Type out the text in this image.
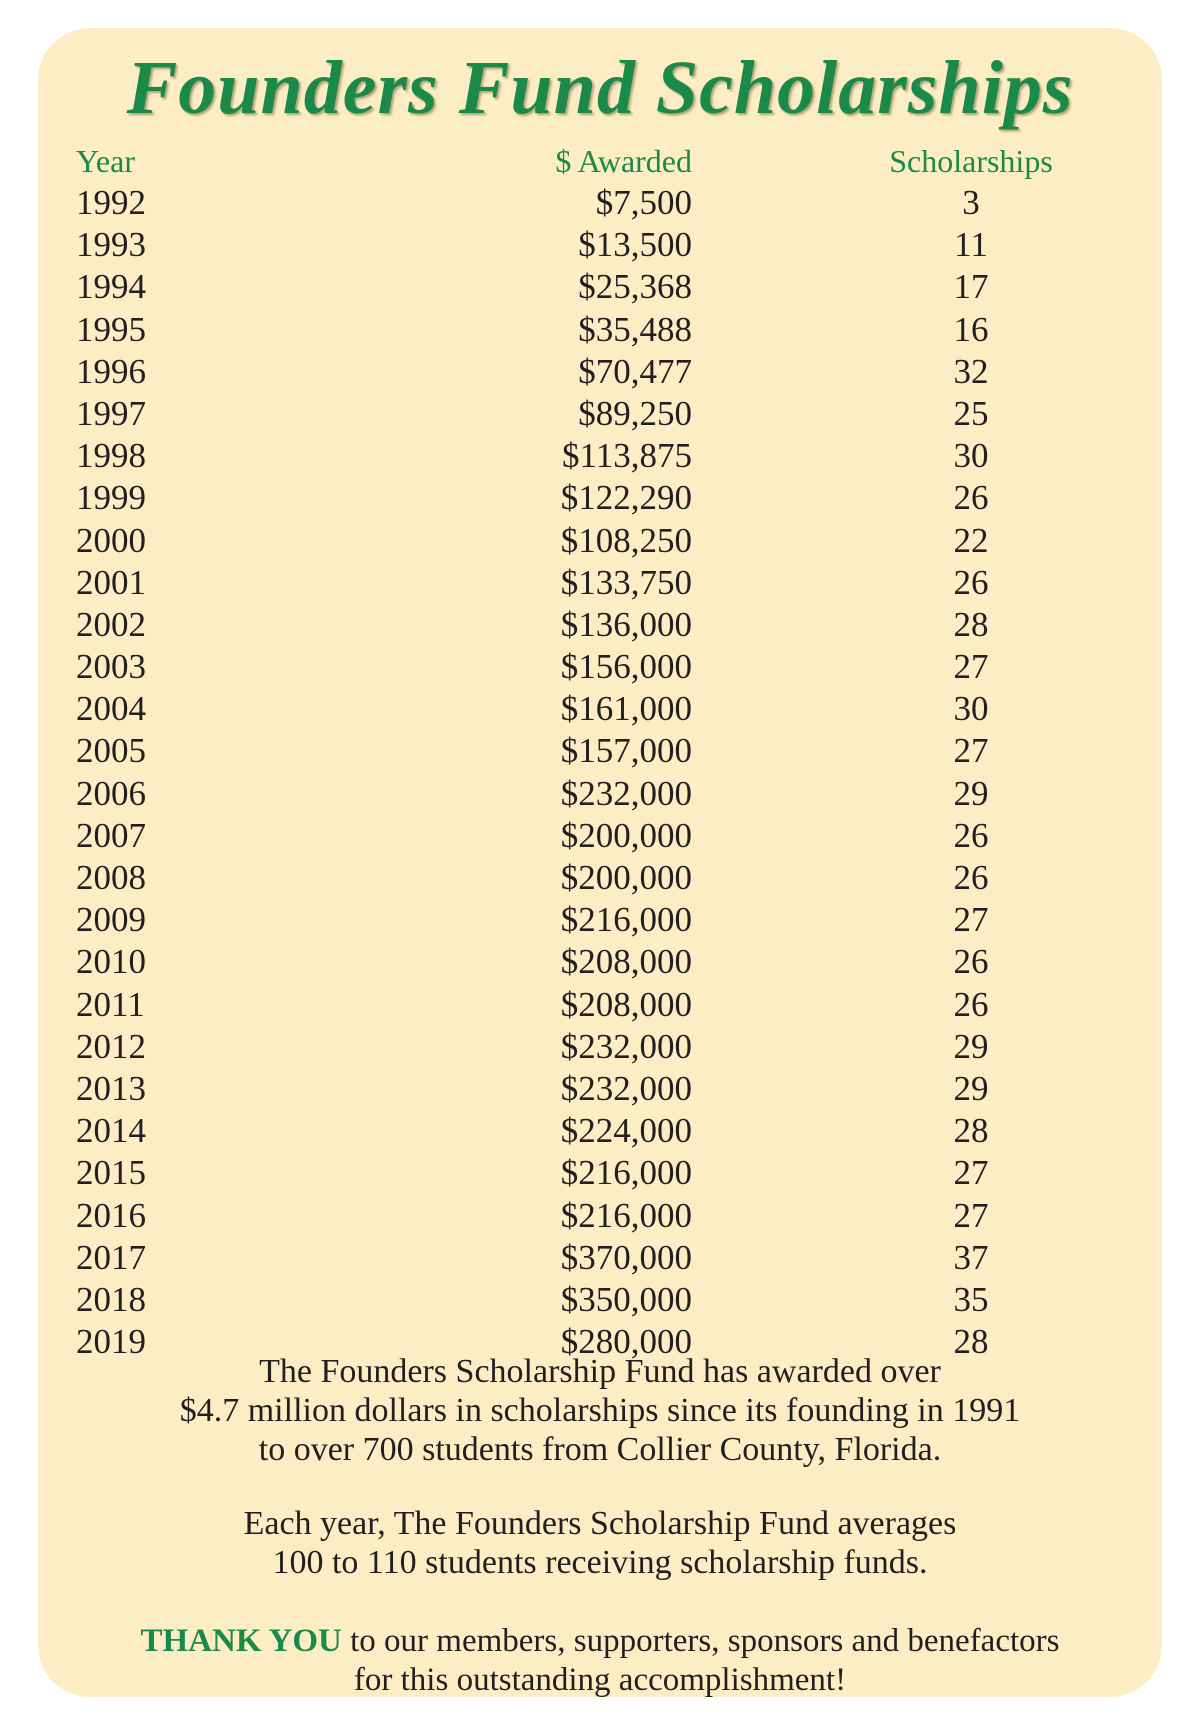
Founders Fund Scholarships
Year	$ Awarded	Scholarships
1992	$7,500	3
1993	$13,500	11
1994	$25,368	17
1995	$35,488	16
1996	$70,477	32
1997	$89,250	25
1998	$113,875	30
1999	$122,290	26
2000	$108,250	22
2001	$133,750	26
2002	$136,000	28
2003	$156,000	27
2004	$161,000	30
2005	$157,000	27
2006	$232,000	29
2007	$200,000	26
2008	$200,000	26
2009	$216,000	27
2010	$208,000	26
2011	$208,000	26
2012	$232,000	29
2013	$232,000	29
2014	$224,000	28
2015	$216,000	27
2016	$216,000	27
2017	$370,000	37
2018	$350,000	35
2019	$280,000	28
The Founders Scholarship Fund has awarded over
$4.7 million dollars in scholarships since its founding in 1991
to over 700 students from Collier County, Florida.
Each year, The Founders Scholarship Fund averages
100 to 110 students receiving scholarship funds.
THANK YOU to our members, supporters, sponsors and benefactors
for this outstanding accomplishment!
